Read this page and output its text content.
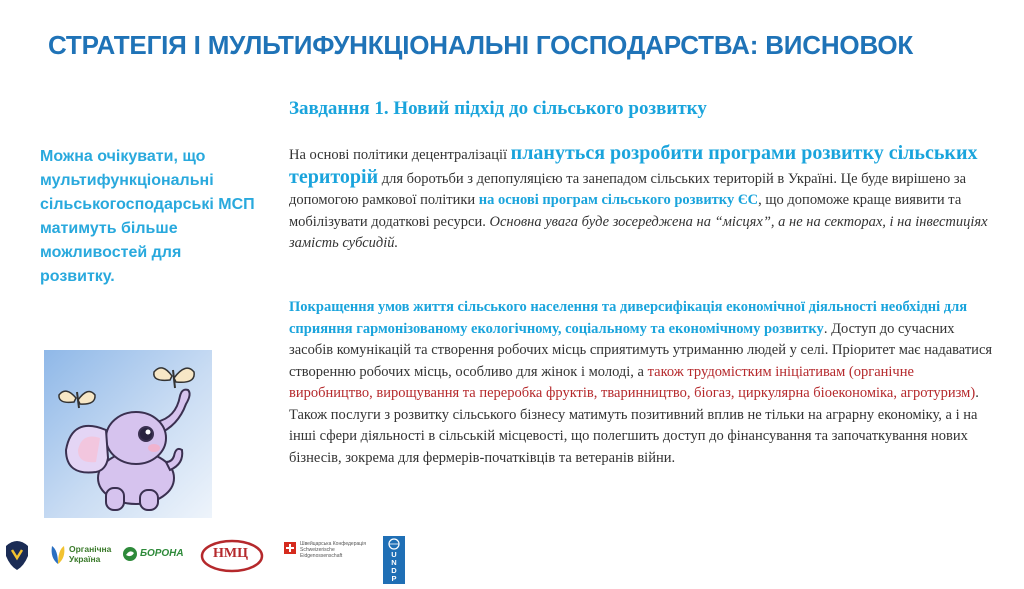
СТРАТЕГІЯ І МУЛЬТИФУНКЦІОНАЛЬНІ ГОСПОДАРСТВА: ВИСНОВОК
Завдання 1. Новий підхід до сільського розвитку
Можна очікувати, що мультифункціональні сільськогосподарські МСП матимуть більше можливостей для розвитку.
На основі політики децентралізації плануться розробити програми розвитку сільських територій для боротьби з депопуляцією та занепадом сільських територій в Україні. Це буде вирішено за допомогою рамкової політики на основі програм сільського розвитку ЄС, що допоможе краще виявити та мобілізувати додаткові ресурси. Основна увага буде зосереджена на “місцях”, а не на секторах, і на інвестиціях замість субсидій.
Покращення умов життя сільського населення та диверсифікація економічної діяльності необхідні для сприяння гармонізованому екологічному, соціальному та економічному розвитку. Доступ до сучасних засобів комунікацій та створення робочих місць сприятимуть утриманню людей у селі. Пріоритет має надаватися створенню робочих місць, особливо для жінок і молоді, а також трудомістким ініціативам (органічне виробництво, вирощування та переробка фруктів, тваринництво, біогаз, циркулярна біоекономіка, агротуризм). Також послуги з розвитку сільського бізнесу матимуть позитивний вплив не тільки на аграрну економіку, а і на інші сфери діяльності в сільській місцевості, що полегшить доступ до фінансування та започаткування нових бізнесів, зокрема для фермерів-початківців та ветеранів війни.
Органічна
Україна	БОРОНА НМЦ
Швейцарська Конфедерація
Schweizerische Eidgenossenschaft	U
N
D
P
